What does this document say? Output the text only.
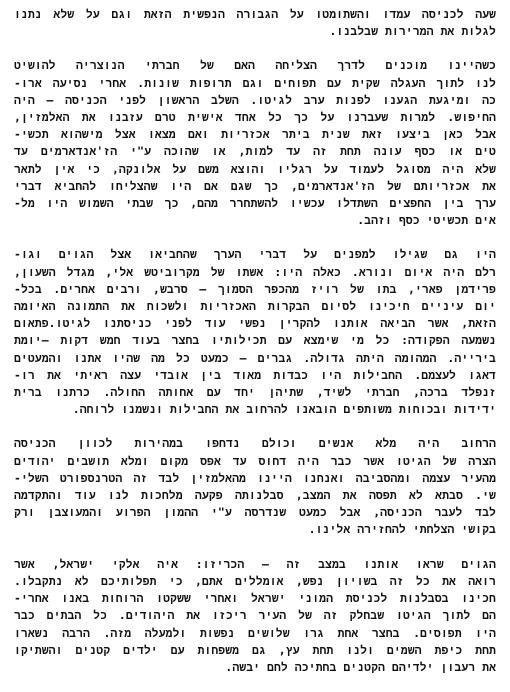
שעה לכניסה עמדו והשתומטו על הגבורה הנפשית הזאת וגם על שלא נתנו
לגלות את המרירות שבלבנו.
כשהיינו מוכנים לדרך הצליחה האם של חברתי הנוצריה להושיט
לנו לתוך העגלה שקית עם תפוחים וגם תרופות שונות. אחרי נסיעה ארו-
כה ומיגעת הגענו לפנות ערב לגיטו. השלב הראשון לפני הכניסה – היה
החיפוש. למרות שעברנו על כך כל אחד אישית טרם עזבנו את האלמזין,
אבל כאן ביצעו זאת שנית ביתר אכזריות ואם מצאו אצל מישהוא תכשי-
טים או כסף עונה תחת זה עד למות, או שהוכה ע"י הז'אנדארמים עד
שלא היה מסוגל לעמוד על רגליו והוצא משם על אלונקה, כי אין לתאר
את אכזריותם של הז'אנדארמים, כך שגם אם היו שהצליחו להחביא דברי
ערך בין החפצים השתדלו עכשיו להשתחרר מהם, כך שבתי השמוש היו מל-
אים תכשיטי כסף וזהב.
היו גם שגילו למפנים על דברי הערך שהחביאו אצל הגוים וגו-
רלם היה איום ונורא. כאלה היו: אשתו של מקרוביטש אלי, מגדל השעון,
פרידמן פארי, בתו של רויז מהכפר הסמוך – סרבש, ורבים אחרים. בכל-
יום עיניים חיכינו לסיום הבקרות האכזריות ולשכוח את התמונה האיומה
הזאת, אשר הביאה אותנו להקרין נפשי עוד לפני כניסתנו לגיטו.פתאום
נשמעה הפקודה: כל מי שימצא עם תכילותיו בחצר בעוד חמש דקות –יומת
בירייה. המהומה היתה גדולה. גברים – כמעט כל מה שהיו אתנו והמעטים
דאגו לעצמם. החבילות היו כבדות מאוד בין אובדי עצה ראיתי את רו-
זנפלד ברכה, חברתי לשיד, שתיהן יחד עם אחותה החולה. כרתנו ברית
ידידות ובכוחות משותפים הובאנו להרחוב את החבילות ונשמנו לרוחה.
הרחוב היה מלא אנשים וכולם נדחפו במהירות לכוון הכניסה
הצרה של הגיטו אשר כבר היה דחוס עד אפס מקום ומלא תושבים יהודים
מהעיר עצמה ומהסביבה ואנחנו היינו מהאלמזין לבד זה הטרנספורט השלי-
שי. סבתא לא תפסה את המצב, סבלנותה פקעה מלחכות לנו עוד והתקדמה
לבד לעבר הכניסה, אבל כמעט שנדרסה ע"י ההמון הפרוע והמעוצבן ורק
בקושי הצלחתי להחזירה אלינו.
הגוים שראו אותנו במצב זה – הכריזו: איה אלקי ישראל, אשר
רואה את כל זה בשויון נפש, אומללים אתם, כי תפלותיכם לא נתקבלו.
חכינו בסבלנות לכניסת המוני ישראל ואחרי ששקטו הרוחות באנו אחרי-
הם לתוך הגיטו שבחלק זה של העיר ריכזו את היהודים. כל הבתים כבר
היו תפוסים. בחצר אחת גרו שלושים נפשות ולמעלה מזה. הרבה נשארו
תחת כיפת השמים ולנו תחת עץ, גם משפחות עם ילדים קטנים והשתיקו
את רעבון ילדיהם הקטנים בחתיכה לחם יבשה.
